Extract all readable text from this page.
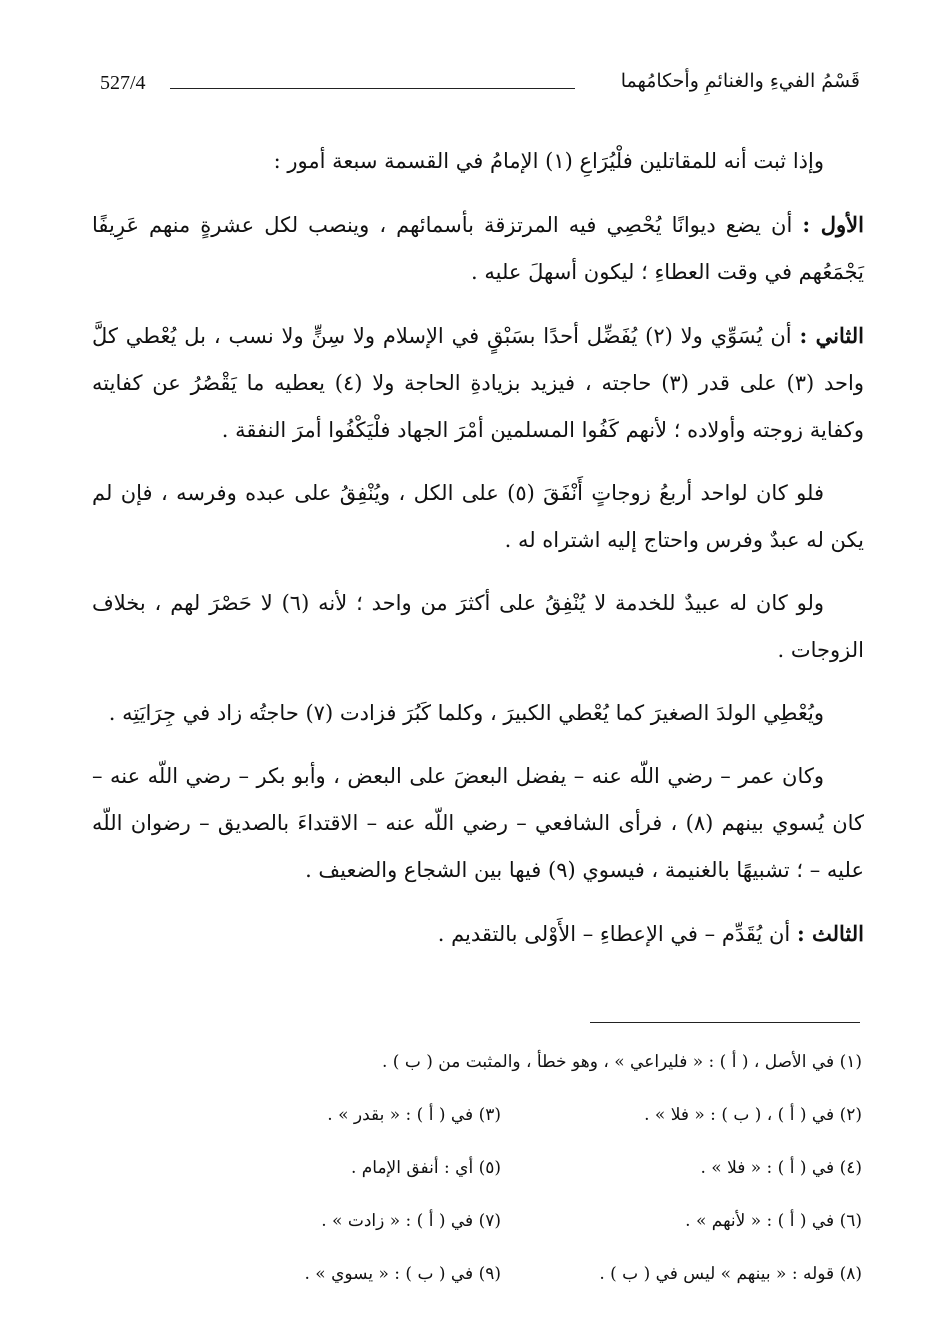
527/4	قَسْمُ الفيءِ والغنائمِ وأحكامُهما

وإذا ثبت أنه للمقاتلين فلْيُرَاعِ (١) الإمامُ في القسمة سبعة أمور :

الأول : أن يضع ديوانًا يُحْصِي فيه المرتزقة بأسمائهم ، وينصب لكل عشرةٍ منهم عَرِيفًا يَجْمَعُهم في وقت العطاءِ ؛ ليكون أسهلَ عليه .

الثاني : أن يُسَوِّي ولا (٢) يُفَضِّل أحدًا بسَبْقٍ في الإسلام ولا سِنٍّ ولا نسب ، بل يُعْطي كلَّ واحد (٣) على قدر (٣) حاجته ، فيزيد بزيادةِ الحاجة ولا (٤) يعطيه ما يَقْصُرُ عن كفايته وكفاية زوجته وأولاده ؛ لأنهم كَفُوا المسلمين أمْرَ الجهاد فلْيَكْفُوا أمرَ النفقة .

فلو كان لواحد أربعُ زوجاتٍ أَنْفَقَ (٥) على الكل ، ويُنْفِقُ على عبده وفرسه ، فإن لم يكن له عبدٌ وفرس واحتاج إليه اشتراه له .

ولو كان له عبيدٌ للخدمة لا يُنْفِقُ على أكثرَ من واحد ؛ لأنه (٦) لا حَصْرَ لهم ، بخلاف الزوجات .

ويُعْطِي الولدَ الصغيرَ كما يُعْطي الكبيرَ ، وكلما كَبُرَ فزادت (٧) حاجتُه زاد في جِرَايَتِه .

وكان عمر – رضي اللّه عنه – يفضل البعضَ على البعض ، وأبو بكر – رضي اللّه عنه – كان يُسوي بينهم (٨) ، فرأى الشافعي – رضي اللّه عنه – الاقتداءَ بالصديق – رضوان اللّه عليه – ؛ تشبيهًا بالغنيمة ، فيسوي (٩) فيها بين الشجاع والضعيف .

الثالث : أن يُقَدِّم – في الإعطاءِ – الأَوْلى بالتقديم .

(١) في الأصل ، ( أ ) : « فليراعي » ، وهو خطأ ، والمثبت من ( ب ) .
(٢) في ( أ ) ، ( ب ) : « فلا » .
(٣) في ( أ ) : « بقدر » .
(٤) في ( أ ) : « فلا » .
(٥) أي : أنفق الإمام .
(٦) في ( أ ) : « لأنهم » .
(٧) في ( أ ) : « زادت » .
(٨) قوله : « بينهم » ليس في ( ب ) .
(٩) في ( ب ) : « يسوي » .
